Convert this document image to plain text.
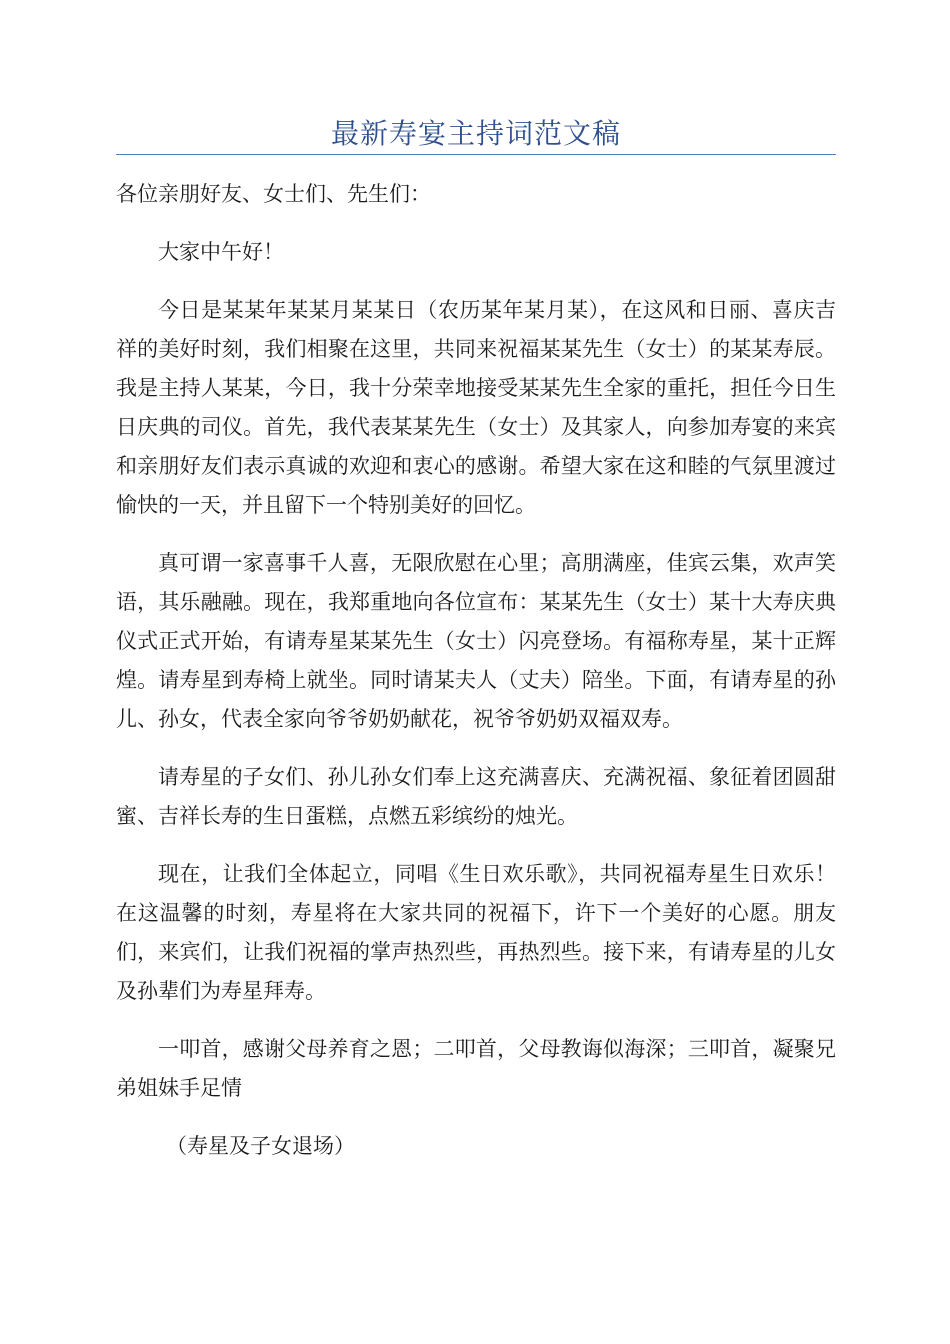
最新寿宴主持词范文稿

各位亲朋好友、女士们、先生们：

大家中午好！

今日是某某年某某月某某日（农历某年某月某），在这风和日丽、喜庆吉祥的美好时刻，我们相聚在这里，共同来祝福某某先生（女士）的某某寿辰。我是主持人某某，今日，我十分荣幸地接受某某先生全家的重托，担任今日生日庆典的司仪。首先，我代表某某先生（女士）及其家人，向参加寿宴的来宾和亲朋好友们表示真诚的欢迎和衷心的感谢。希望大家在这和睦的气氛里渡过愉快的一天，并且留下一个特别美好的回忆。

真可谓一家喜事千人喜，无限欣慰在心里；高朋满座，佳宾云集，欢声笑语，其乐融融。现在，我郑重地向各位宣布：某某先生（女士）某十大寿庆典仪式正式开始，有请寿星某某先生（女士）闪亮登场。有福称寿星，某十正辉煌。请寿星到寿椅上就坐。同时请某夫人（丈夫）陪坐。下面，有请寿星的孙儿、孙女，代表全家向爷爷奶奶献花，祝爷爷奶奶双福双寿。

请寿星的子女们、孙儿孙女们奉上这充满喜庆、充满祝福、象征着团圆甜蜜、吉祥长寿的生日蛋糕，点燃五彩缤纷的烛光。

现在，让我们全体起立，同唱《生日欢乐歌》，共同祝福寿星生日欢乐！在这温馨的时刻，寿星将在大家共同的祝福下，许下一个美好的心愿。朋友们，来宾们，让我们祝福的掌声热烈些，再热烈些。接下来，有请寿星的儿女及孙辈们为寿星拜寿。

一叩首，感谢父母养育之恩；二叩首，父母教诲似海深；三叩首，凝聚兄弟姐妹手足情

（寿星及子女退场）
